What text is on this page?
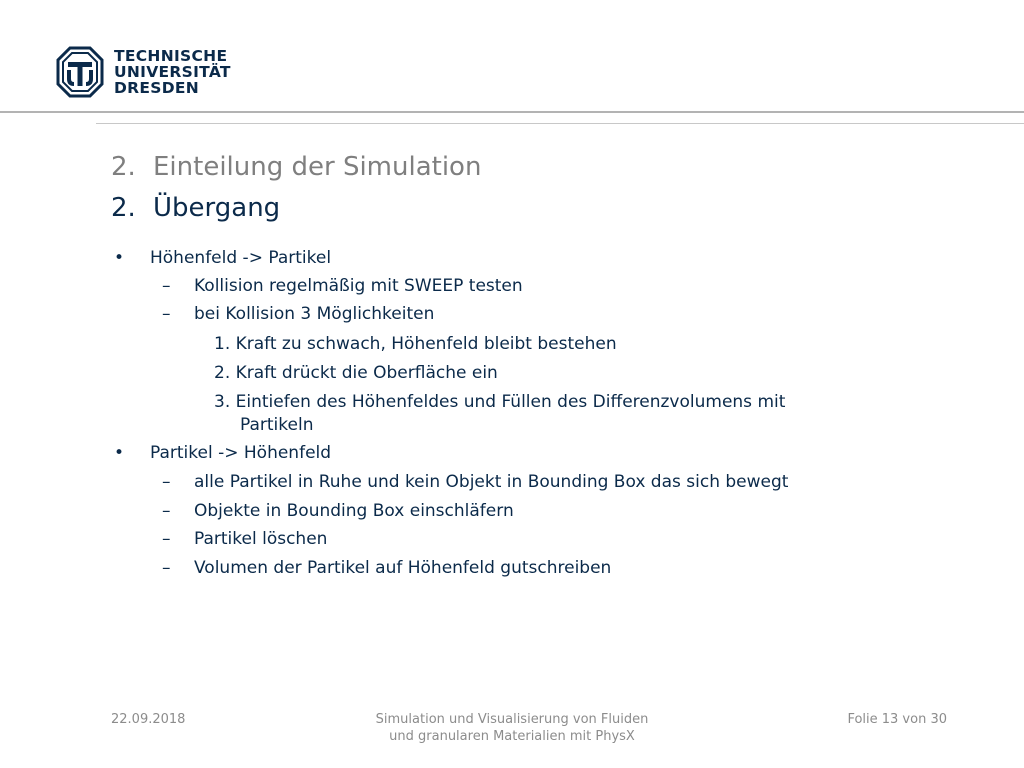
TECHNISCHE
UNIVERSITÄT
DRESDEN
2. Einteilung der Simulation
2. Übergang
• Höhenfeld -> Partikel
–	Kollision regelmäßig mit SWEEP testen
–	bei Kollision 3 Möglichkeiten
1. Kraft zu schwach, Höhenfeld bleibt bestehen
2. Kraft drückt die Oberfläche ein
3. Eintiefen des Höhenfeldes und Füllen des Differenzvolumens mit
Partikeln
• Partikel -> Höhenfeld
–	alle Partikel in Ruhe und kein Objekt in Bounding Box das sich bewegt
–	Objekte in Bounding Box einschläfern
–	Partikel löschen
–	Volumen der Partikel auf Höhenfeld gutschreiben
22.09.2018	Simulation und Visualisierung von Fluiden
und granularen Materialien mit PhysX
Folie 13 von 30
